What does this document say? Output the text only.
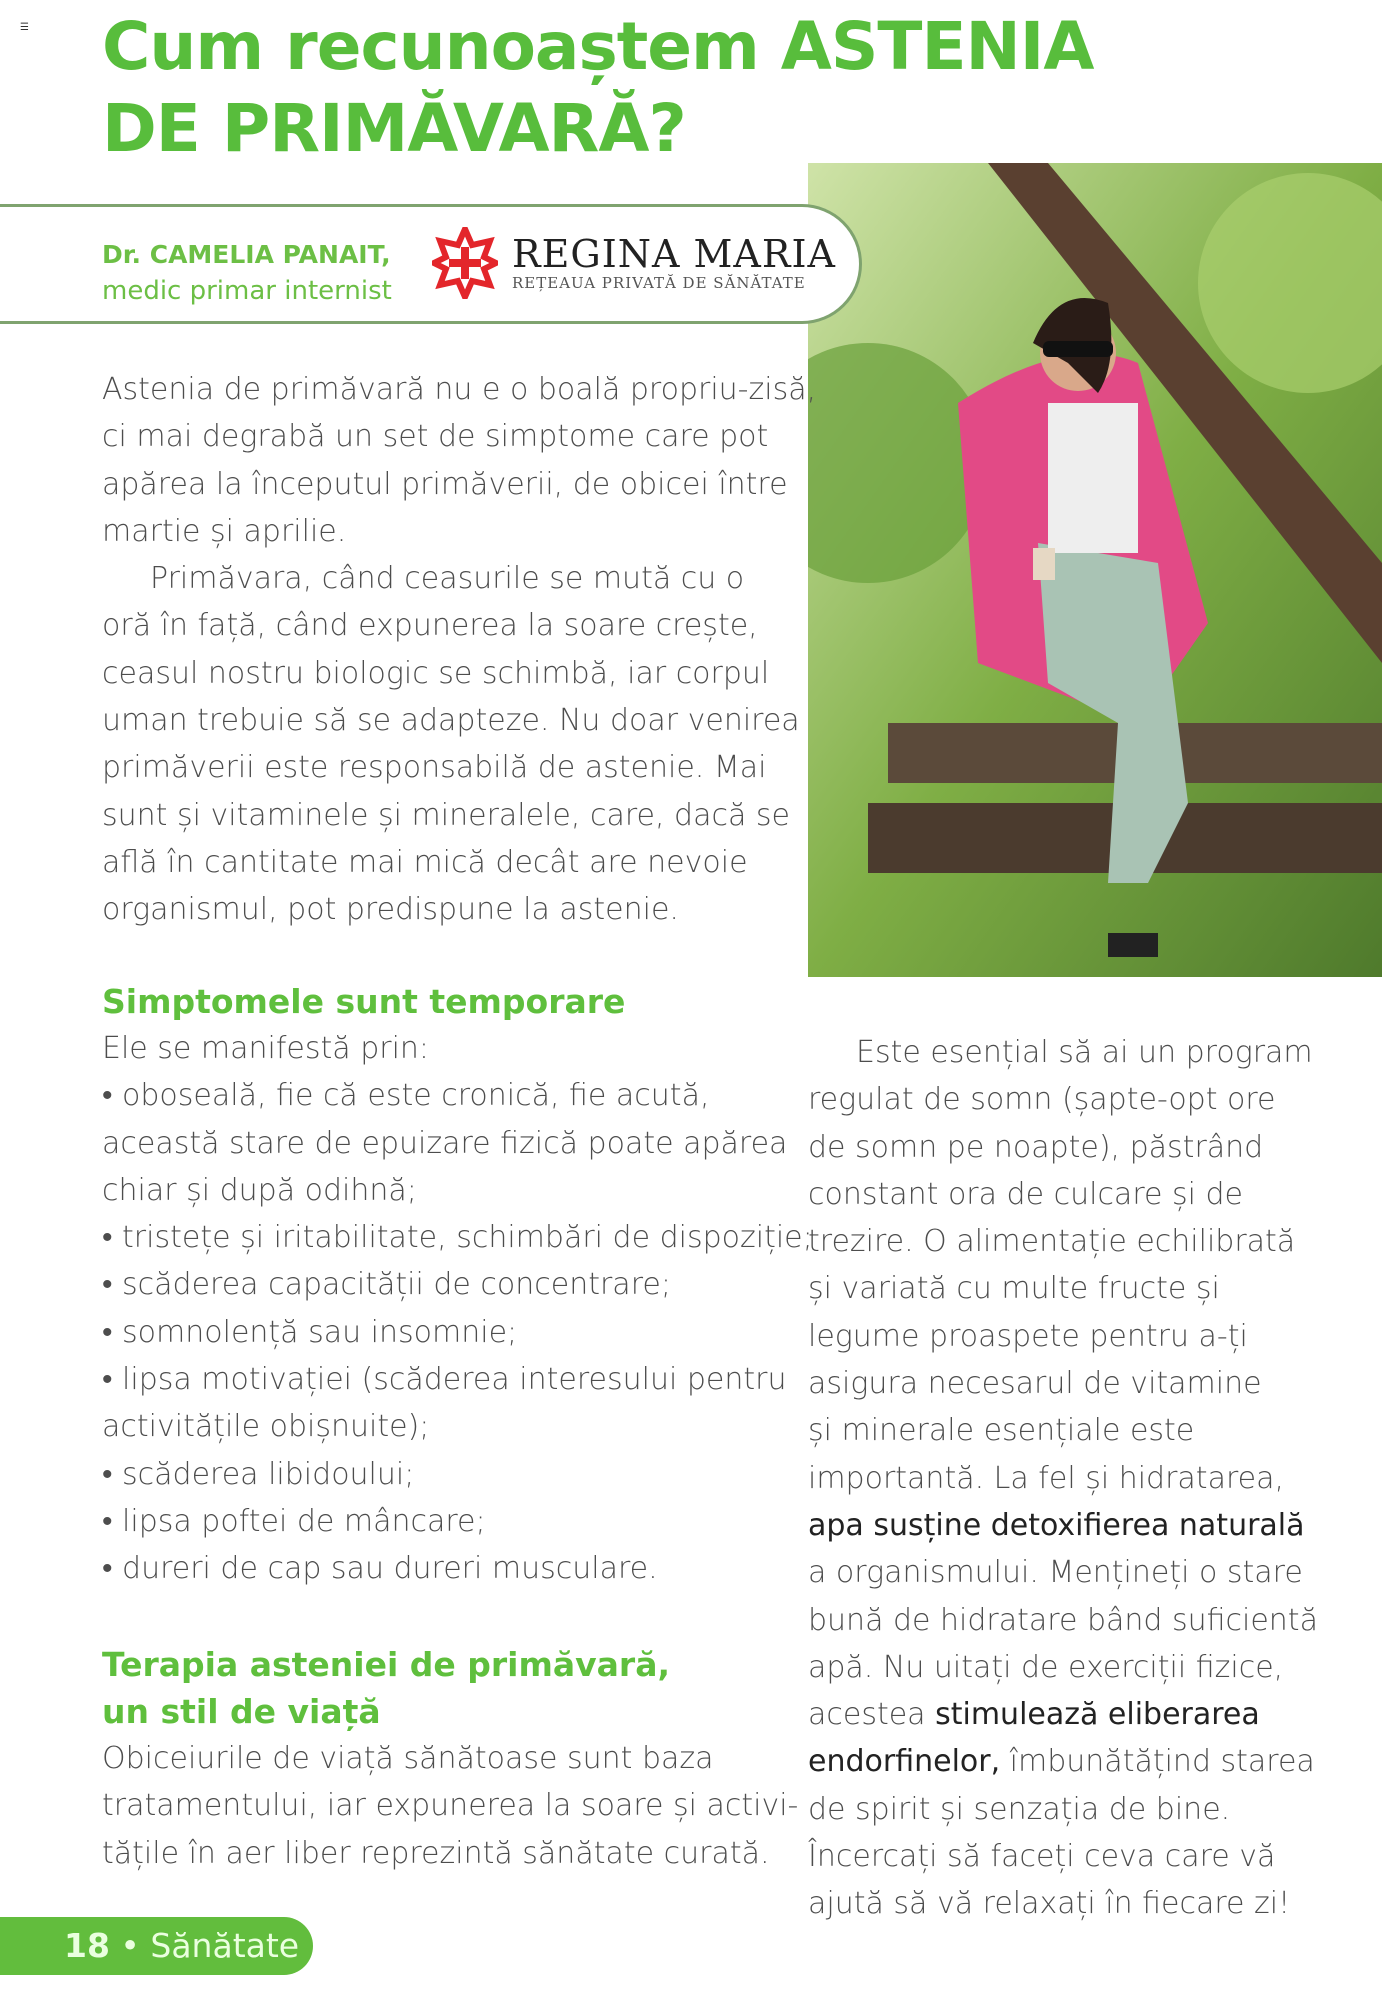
☰ Cum recunoaștem ASTENIA
DE PRIMĂVARĂ?
Dr. CAMELIA PANAIT,
medic primar internist
REGINA MARIA
REȚEAUA PRIVATĂ DE SĂNĂTATE
Astenia de primăvară nu e o boală propriu-zisă,
ci mai degrabă un set de simptome care pot
apărea la începutul primăverii, de obicei între
martie și aprilie.
Primăvara, când ceasurile se mută cu o
oră în față, când expunerea la soare crește,
ceasul nostru biologic se schimbă, iar corpul
uman trebuie să se adapteze. Nu doar venirea
primăverii este responsabilă de astenie. Mai
sunt și vitaminele și mineralele, care, dacă se
află în cantitate mai mică decât are nevoie
organismul, pot predispune la astenie.
Simptomele sunt temporare
Ele se manifestă prin:
• oboseală, fie că este cronică, fie acută,
această stare de epuizare fizică poate apărea
chiar și după odihnă;
• tristețe și iritabilitate, schimbări de dispoziție;
• scăderea capacității de concentrare;
• somnolență sau insomnie;
• lipsa motivației (scăderea interesului pentru
activitățile obișnuite);
• scăderea libidoului;
• lipsa poftei de mâncare;
• dureri de cap sau dureri musculare.
Terapia asteniei de primăvară,
un stil de viață
Obiceiurile de viață sănătoase sunt baza
tratamentului, iar expunerea la soare și activi-
tățile în aer liber reprezintă sănătate curată.
Este esențial să ai un program
regulat de somn (șapte-opt ore
de somn pe noapte), păstrând
constant ora de culcare și de
trezire. O alimentație echilibrată
și variată cu multe fructe și
legume proaspete pentru a-ți
asigura necesarul de vitamine
și minerale esențiale este
importantă. La fel și hidratarea,
apa susține detoxifierea naturală
a organismului. Mențineți o stare
bună de hidratare bând suficientă
apă. Nu uitați de exerciții fizice,
acestea stimulează eliberarea
endorfinelor, îmbunătățind starea
de spirit și senzația de bine.
Încercați să faceți ceva care vă
ajută să vă relaxați în fiecare zi!
18 • Sănătate
